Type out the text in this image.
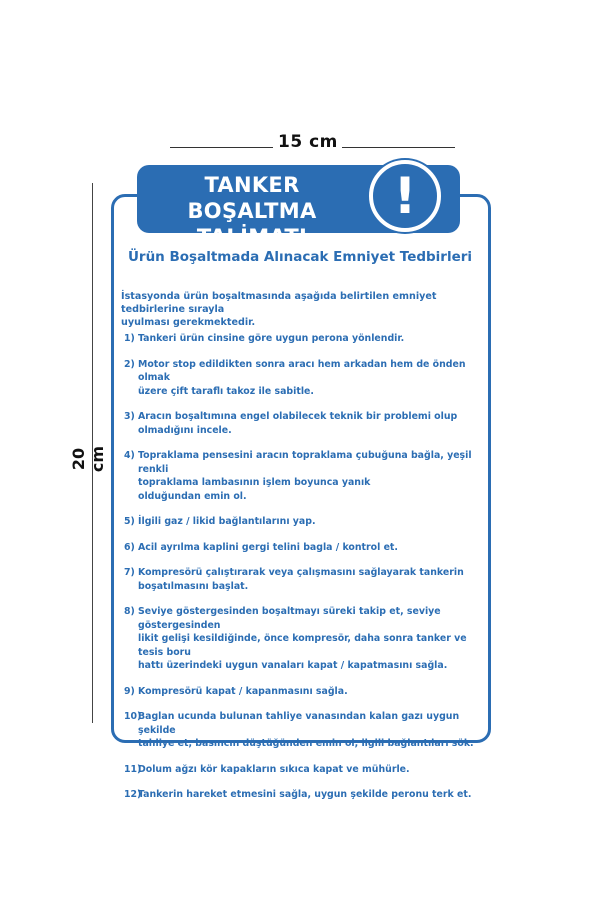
15 cm
20 cm
TANKER BOŞALTMA
TALİMATI
!
Ürün Boşaltmada Alınacak Emniyet Tedbirleri
İstasyonda ürün boşaltmasında aşağıda belirtilen emniyet tedbirlerine sırayla
uyulması gerekmektedir.
1) Tankeri ürün cinsine göre uygun perona yönlendir.
2) Motor stop edildikten sonra aracı hem arkadan hem de önden olmak
üzere çift taraflı takoz ile sabitle.
3) Aracın boşaltımına engel olabilecek teknik bir problemi olup olmadığını incele.
4) Topraklama pensesini aracın topraklama çubuğuna bağla, yeşil renkli
topraklama lambasının işlem boyunca yanık
olduğundan emin ol.
5) İlgili gaz / likid bağlantılarını yap.
6) Acil ayrılma kaplini gergi telini bagla / kontrol et.
7) Kompresörü çalıştırarak veya çalışmasını sağlayarak tankerin
boşatılmasını başlat.
8) Seviye göstergesinden boşaltmayı süreki takip et, seviye göstergesinden
likit gelişi kesildiğinde, önce kompresör, daha sonra tanker ve tesis boru
hattı üzerindeki uygun vanaları kapat / kapatmasını sağla.
9) Kompresörü kapat / kapanmasını sağla.
10)
Baglan ucunda bulunan tahliye vanasından kalan gazı uygun şekilde
tahliye et, basıncın düştüğünden emin ol, ilgili bağlantıları sök.
11)
Dolum ağzı kör kapakların sıkıca kapat ve mühürle.
12)
Tankerin hareket etmesini sağla, uygun şekilde peronu terk et.
